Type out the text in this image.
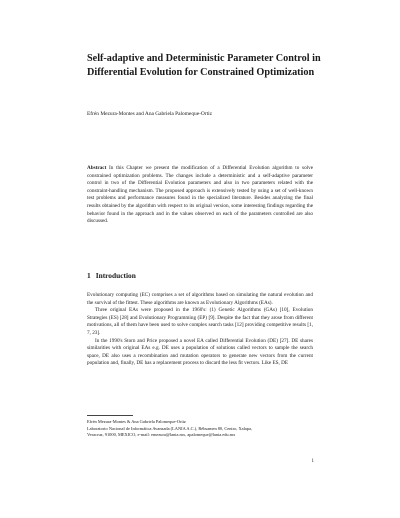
Self-adaptive and Deterministic Parameter Control in Differential Evolution for Constrained Optimization
Efrén Mezura-Montes and Ana Gabriela Palomeque-Ortiz

Abstract In this Chapter we present the modification of a Differential Evolution algorithm to solve constrained optimization problems. The changes include a deterministic and a self-adaptive parameter control in two of the Differential Evolution parameters and also in two parameters related with the constraint-handling mechanism. The proposed approach is extensively tested by using a set of well-known test problems and performance measures found in the specialized literature. Besides analyzing the final results obtained by the algorithm with respect to its original version, some interesting findings regarding the behavior found in the approach and in the values observed on each of the parameters controlled are also discussed.

1 Introduction

Evolutionary computing (EC) comprises a set of algorithms based on simulating the natural evolution and the survival of the fittest. These algorithms are known as Evolutionary Algorithms (EAs).

Three original EAs were proposed in the 1960's: (1) Genetic Algorithms (GAs) [10], Evolution Strategies (ES) [28] and Evolutionary Programming (EP) [9]. Despite the fact that they arose from different motivations, all of them have been used to solve complex search tasks [12] providing competitive results [1, 7, 23].

In the 1990's Storn and Price proposed a novel EA called Differential Evolution (DE) [27]. DE shares similarities with original EAs e.g. DE uses a population of solutions called vectors to sample the search space, DE also uses a recombination and mutation operators to generate new vectors from the current population and, finally, DE has a replacement process to discard the less fit vectors. Like ES, DE

Efrén Mezura-Montes & Ana Gabriela Palomeque-Ortiz
Laboratorio Nacional de Informática Avanzada (LANIA A.C.), Rébsamen 80, Centro, Xalapa,
Veracruz, 91000, MEXICO, e-mail: emezura@lania.mx, apalomeque@lania.edu.mx
1
